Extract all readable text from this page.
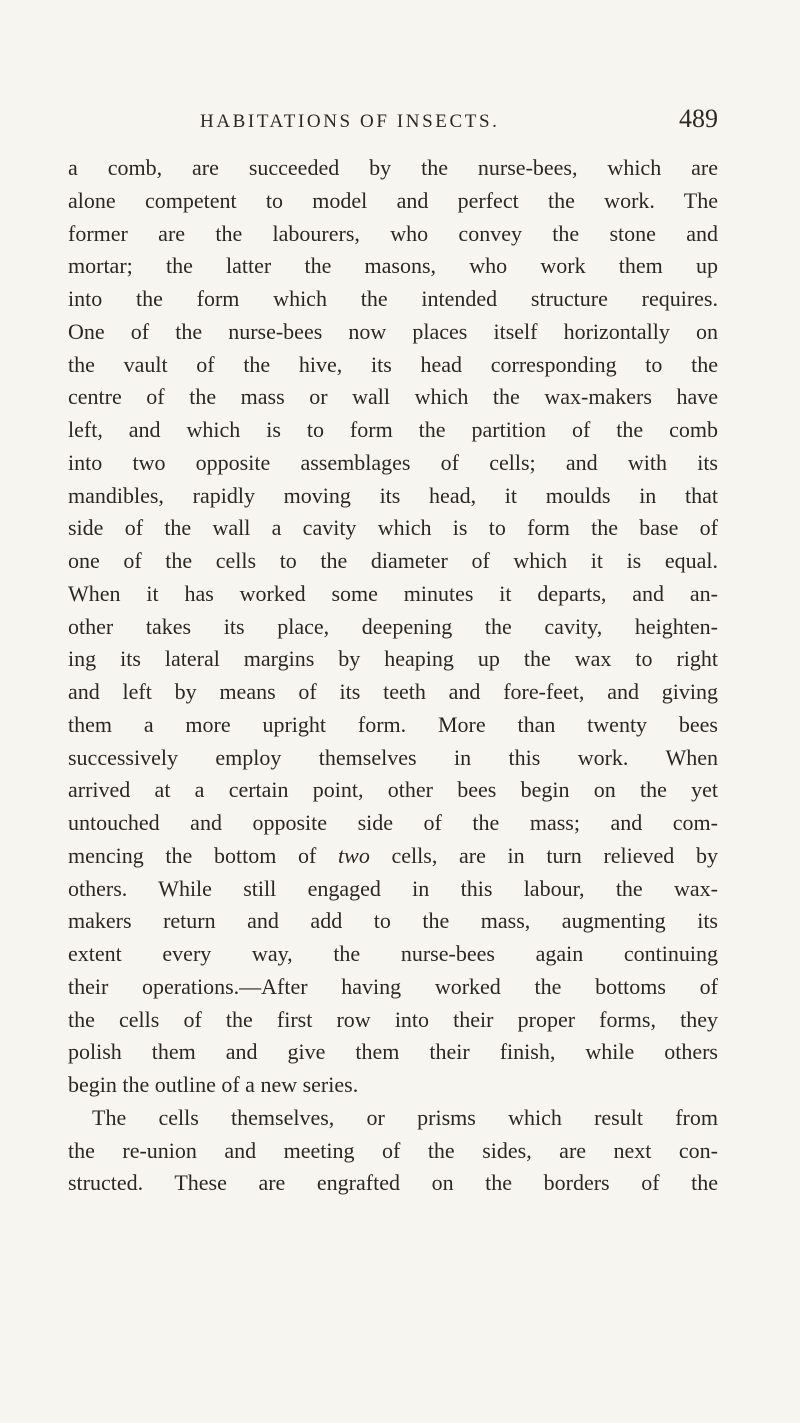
HABITATIONS OF INSECTS.	489
a comb, are succeeded by the nurse-bees, which are
alone competent to model and perfect the work. The
former are the labourers, who convey the stone and
mortar; the latter the masons, who work them up
into the form which the intended structure requires.
One of the nurse-bees now places itself horizontally on
the vault of the hive, its head corresponding to the
centre of the mass or wall which the wax-makers have
left, and which is to form the partition of the comb
into two opposite assemblages of cells; and with its
mandibles, rapidly moving its head, it moulds in that
side of the wall a cavity which is to form the base of
one of the cells to the diameter of which it is equal.
When it has worked some minutes it departs, and an-
other takes its place, deepening the cavity, heighten-
ing its lateral margins by heaping up the wax to right
and left by means of its teeth and fore-feet, and giving
them a more upright form. More than twenty bees
successively employ themselves in this work. When
arrived at a certain point, other bees begin on the yet
untouched and opposite side of the mass; and com-
mencing the bottom of two cells, are in turn relieved by
others. While still engaged in this labour, the wax-
makers return and add to the mass, augmenting its
extent every way, the nurse-bees again continuing
their operations.—After having worked the bottoms of
the cells of the first row into their proper forms, they
polish them and give them their finish, while others
begin the outline of a new series.
The cells themselves, or prisms which result from
the re-union and meeting of the sides, are next con-
structed. These are engrafted on the borders of the
